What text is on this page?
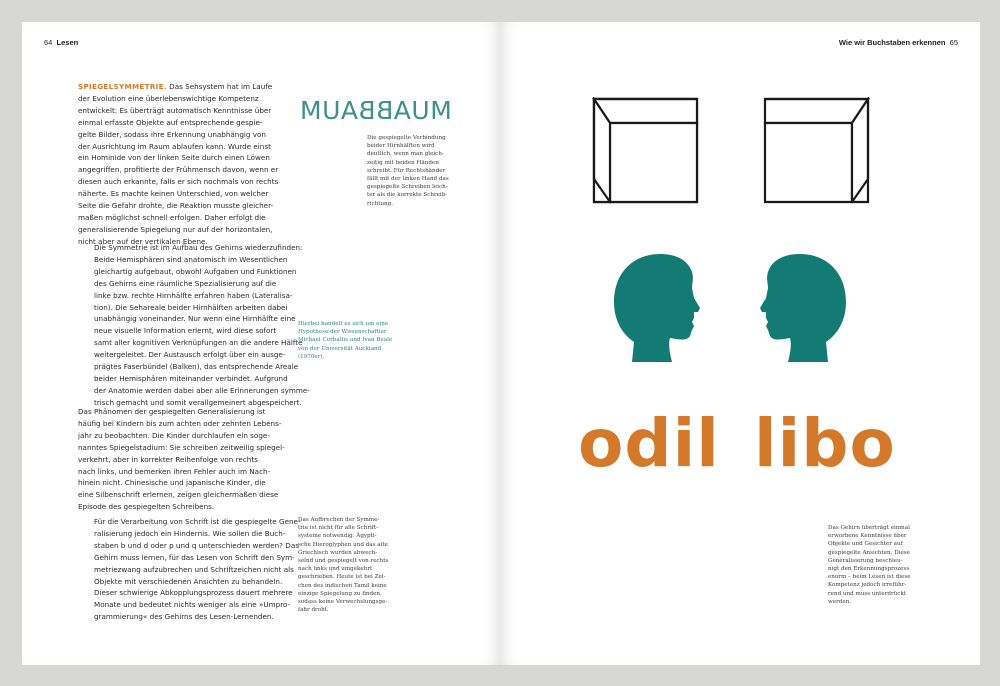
64 Lesen

SPIEGELSYMMETRIE. Das Sehsystem hat im Laufe
der Evolution eine überlebenswichtige Kompetenz
entwickelt: Es überträgt automatisch Kenntnisse über
einmal erfasste Objekte auf entsprechende gespie-
gelte Bilder, sodass ihre Erkennung unabhängig von
der Ausrichtung im Raum ablaufen kann. Wurde einst
ein Hominide von der linken Seite durch einen Löwen
angegriffen, profitierte der Frühmensch davon, wenn er
diesen auch erkannte, falls er sich nochmals von rechts
näherte. Es machte keinen Unterschied, von welcher
Seite die Gefahr drohte, die Reaktion musste gleicher-
maßen möglichst schnell erfolgen. Daher erfolgt die
generalisierende Spiegelung nur auf der horizontalen,
nicht aber auf der vertikalen Ebene.

MUABBAUM

Die gespiegelte Verbindung
beider Hirnhälften wird
deutlich, wenn man gleich-
zeitig mit beiden Händen
schreibt. Für Rechtshänder
fällt mit der linken Hand das
gespiegelte Schreiben leich-
ter als die korrekte Schreib-
richtung.

Die Symmetrie ist im Aufbau des Gehirns wiederzufinden:
Beide Hemisphären sind anatomisch im Wesentlichen
gleichartig aufgebaut, obwohl Aufgaben und Funktionen
des Gehirns eine räumliche Spezialisierung auf die
linke bzw. rechte Hirnhälfte erfahren haben (Lateralisa-
tion). Die Sehareale beider Hirnhälften arbeiten dabei
unabhängig voneinander. Nur wenn eine Hirnhälfte eine
neue visuelle Information erlernt, wird diese sofort
samt aller kognitiven Verknüpfungen an die andere Hälfte
weitergeleitet. Der Austausch erfolgt über ein ausge-
prägtes Faserbündel (Balken), das entsprechende Areale
beider Hemisphären miteinander verbindet. Aufgrund
der Anatomie werden dabei aber alle Erinnerungen symme-
trisch gemacht und somit verallgemeinert abgespeichert.

Hierbei handelt es sich um eine
Hypothese der Wissenschaftler
Michael Corballis und Ivan Beale
von der Universität Auckland
(1970er).

Das Phänomen der gespiegelten Generalisierung ist
häufig bei Kindern bis zum achten oder zehnten Lebens-
jahr zu beobachten. Die Kinder durchlaufen ein soge-
nanntes Spiegelstadium: Sie schreiben zeitweilig spiegel-
verkehrt, aber in korrekter Reihenfolge von rechts
nach links, und bemerken ihren Fehler auch im Nach-
hinein nicht. Chinesische und japanische Kinder, die
eine Silbenschrift erlernen, zeigen gleichermaßen diese
Episode des gespiegelten Schreibens.

Für die Verarbeitung von Schrift ist die gespiegelte Gene-
ralisierung jedoch ein Hindernis. Wie sollen die Buch-
staben b und d oder p und q unterschieden werden? Das
Gehirn muss lernen, für das Lesen von Schrift den Sym-
metriezwang aufzubrechen und Schriftzeichen nicht als
Objekte mit verschiedenen Ansichten zu behandeln.
Dieser schwierige Abkopplungsprozess dauert mehrere
Monate und bedeutet nichts weniger als eine »Umpro-
grammierung« des Gehirns des Lesen-Lernenden.

Das Aufbrechen der Symme-
trie ist nicht für alle Schrift-
systeme notwendig. Ägypti-
sche Hieroglyphen und das alte
Griechisch wurden abwech-
selnd und gespiegelt von rechts
nach links und umgekehrt
geschrieben. Heute ist bei Zei-
chen des indischen Tamil keine
einzige Spiegelung zu finden,
sodass keine Verwechslungsge-
fahr droht.

Wie wir Buchstaben erkennen 65
odil libo

Das Gehirn überträgt einmal
erworbene Kenntnisse über
Objekte und Gesichter auf
gespiegelte Ansichten. Diese
Generalisierung beschleu-
nigt den Erkennungsprozess
enorm – beim Lesen ist diese
Kompetenz jedoch irreführ-
rend und muss unterdrückt
werden.
